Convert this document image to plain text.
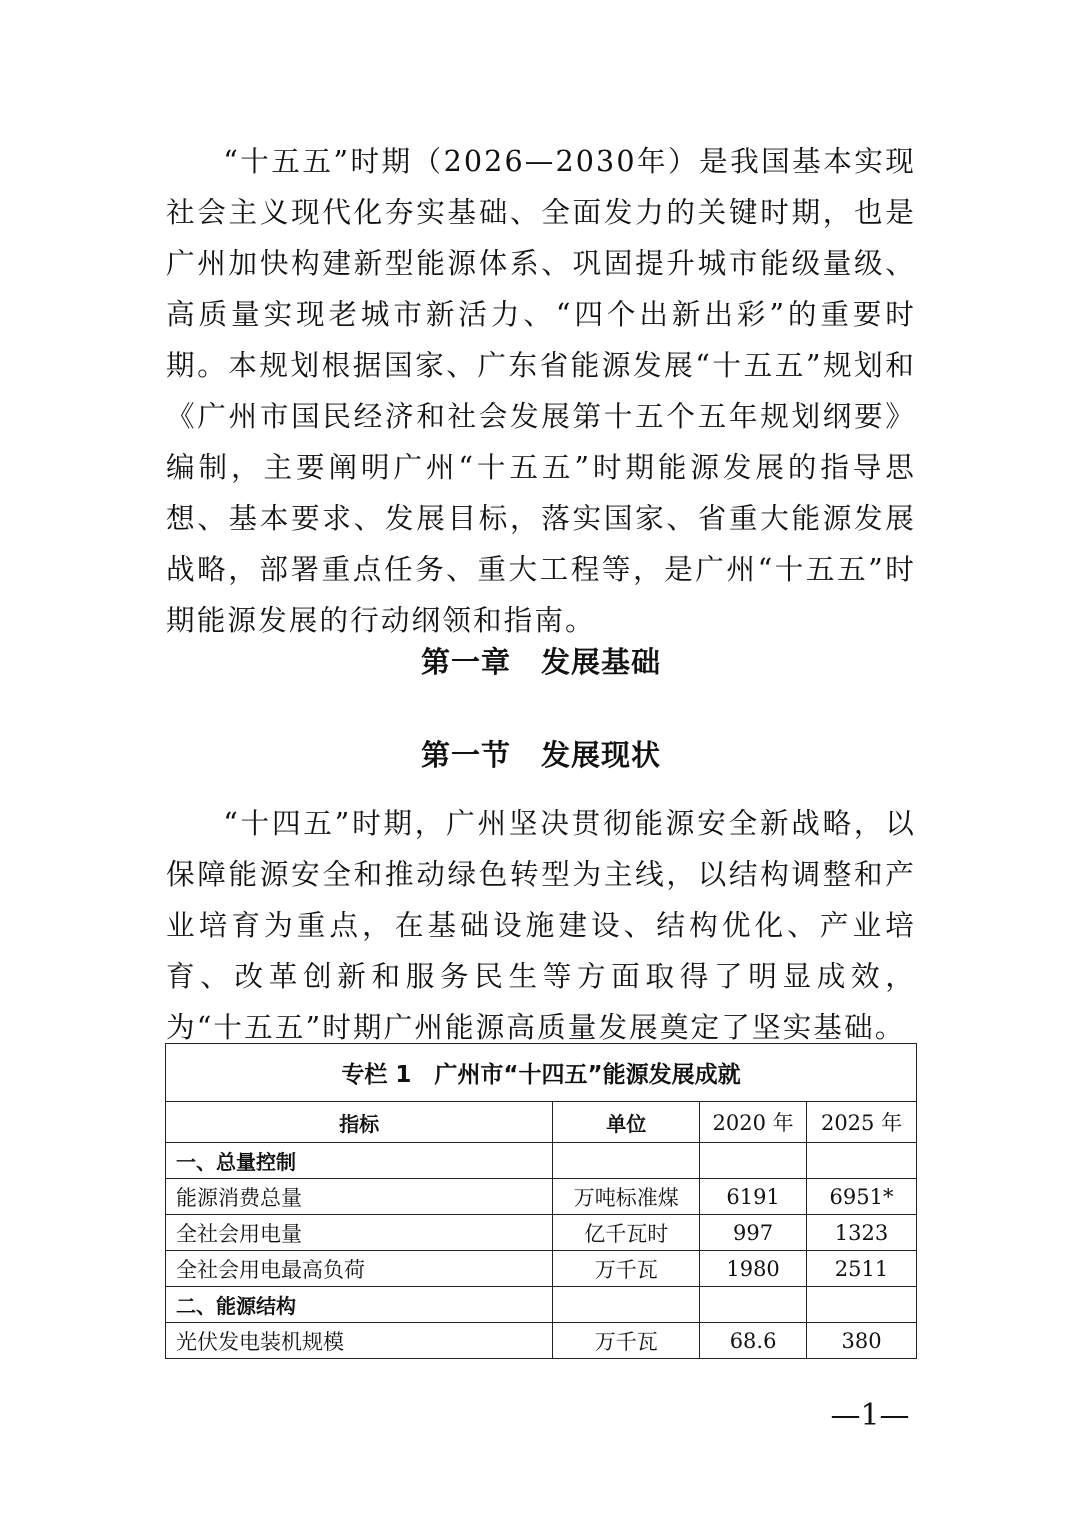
“十五五”时期（2026—2030年）是我国基本实现社会主义现代化夯实基础、全面发力的关键时期，也是广州加快构建新型能源体系、巩固提升城市能级量级、高质量实现老城市新活力、“四个出新出彩”的重要时期。本规划根据国家、广东省能源发展“十五五”规划和《广州市国民经济和社会发展第十五个五年规划纲要》编制，主要阐明广州“十五五”时期能源发展的指导思想、基本要求、发展目标，落实国家、省重大能源发展战略，部署重点任务、重大工程等，是广州“十五五”时期能源发展的行动纲领和指南。

第一章　发展基础
第一节　发展现状

“十四五”时期，广州坚决贯彻能源安全新战略，以保障能源安全和推动绿色转型为主线，以结构调整和产业培育为重点，在基础设施建设、结构优化、产业培育、改革创新和服务民生等方面取得了明显成效，为“十五五”时期广州能源高质量发展奠定了坚实基础。

专栏 1　广州市“十四五”能源发展成就			
指标	单位	2020 年	2025 年
一、总量控制			
能源消费总量	万吨标准煤	6191	6951*
全社会用电量	亿千瓦时	997	1323
全社会用电最高负荷	万千瓦	1980	2511
二、能源结构			
光伏发电装机规模	万千瓦	68.6	380
—1—
